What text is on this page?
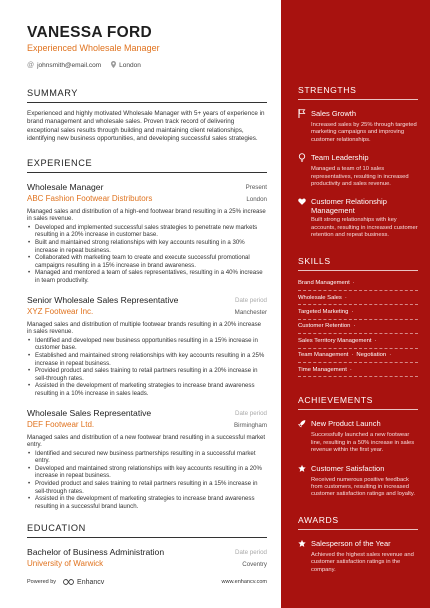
VANESSA FORD
Experienced Wholesale Manager
@ johnsmith@email.com	London
SUMMARY
Experienced and highly motivated Wholesale Manager with 5+ years of experience in brand management and wholesale sales. Proven track record of delivering exceptional sales results through building and maintaining client relationships, identifying new business opportunities, and developing successful sales strategies.
EXPERIENCE
Wholesale Manager	Present
ABC Fashion Footwear Distributors	London
Managed sales and distribution of a high-end footwear brand resulting in a 25% increase in sales revenue.
• Developed and implemented successful sales strategies to penetrate new markets resulting in a 20% increase in customer base.
• Built and maintained strong relationships with key accounts resulting in a 30% increase in repeat business.
• Collaborated with marketing team to create and execute successful promotional campaigns resulting in a 15% increase in brand awareness.
• Managed and mentored a team of sales representatives, resulting in a 40% increase in team productivity.
Senior Wholesale Sales Representative	Date period
XYZ Footwear Inc.	Manchester
Managed sales and distribution of multiple footwear brands resulting in a 20% increase in sales revenue.
• Identified and developed new business opportunities resulting in a 15% increase in customer base.
• Established and maintained strong relationships with key accounts resulting in a 25% increase in repeat business.
• Provided product and sales training to retail partners resulting in a 20% increase in sell-through rates.
• Assisted in the development of marketing strategies to increase brand awareness resulting in a 10% increase in sales leads.
Wholesale Sales Representative	Date period
DEF Footwear Ltd.	Birmingham
Managed sales and distribution of a new footwear brand resulting in a successful market entry.
• Identified and secured new business partnerships resulting in a successful market entry.
• Developed and maintained strong relationships with key accounts resulting in a 20% increase in repeat business.
• Provided product and sales training to retail partners resulting in a 15% increase in sell-through rates.
• Assisted in the development of marketing strategies to increase brand awareness resulting in a successful brand launch.
EDUCATION
Bachelor of Business Administration	Date period
University of Warwick	Coventry
Powered by	Enhancv	www.enhancv.com
STRENGTHS
Sales Growth
Increased sales by 25% through targeted marketing campaigns and improving customer relationships.
Team Leadership
Managed a team of 10 sales representatives, resulting in increased productivity and sales revenue.
Customer Relationship Management
Built strong relationships with key accounts, resulting in increased customer retention and repeat business.
SKILLS
Brand Management ·
Wholesale Sales ·
Targeted Marketing ·
Customer Retention ·
Sales Territory Management ·
Team Management · Negotiation ·
Time Management ·
ACHIEVEMENTS
New Product Launch
Successfully launched a new footwear line, resulting in a 50% increase in sales revenue within the first year.
Customer Satisfaction
Received numerous positive feedback from customers, resulting in increased customer satisfaction ratings and loyalty.
AWARDS
Salesperson of the Year
Achieved the highest sales revenue and customer satisfaction ratings in the company.
